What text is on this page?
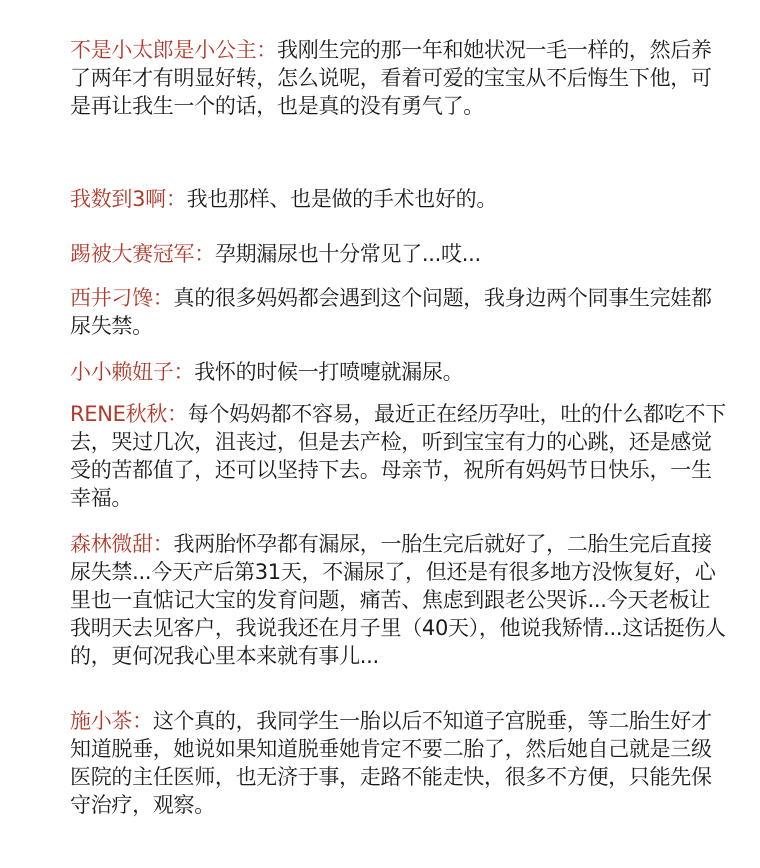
不是小太郎是小公主：我刚生完的那一年和她状况一毛一样的，然后养了两年才有明显好转，怎么说呢，看着可爱的宝宝从不后悔生下他，可是再让我生一个的话，也是真的没有勇气了。
我数到3啊：我也那样、也是做的手术也好的。
踢被大赛冠军：孕期漏尿也十分常见了...哎...
西井刁馋：真的很多妈妈都会遇到这个问题，我身边两个同事生完娃都尿失禁。
小小赖妞子：我怀的时候一打喷嚏就漏尿。
RENE秋秋：每个妈妈都不容易，最近正在经历孕吐，吐的什么都吃不下去，哭过几次，沮丧过，但是去产检，听到宝宝有力的心跳，还是感觉受的苦都值了，还可以坚持下去。母亲节，祝所有妈妈节日快乐，一生幸福。
森林微甜：我两胎怀孕都有漏尿，一胎生完后就好了，二胎生完后直接尿失禁...今天产后第31天，不漏尿了，但还是有很多地方没恢复好，心里也一直惦记大宝的发育问题，痛苦、焦虑到跟老公哭诉...今天老板让我明天去见客户，我说我还在月子里（40天），他说我矫情...这话挺伤人的，更何况我心里本来就有事儿...
施小茶：这个真的，我同学生一胎以后不知道子宫脱垂，等二胎生好才知道脱垂，她说如果知道脱垂她肯定不要二胎了，然后她自己就是三级医院的主任医师，也无济于事，走路不能走快，很多不方便，只能先保守治疗，观察。
